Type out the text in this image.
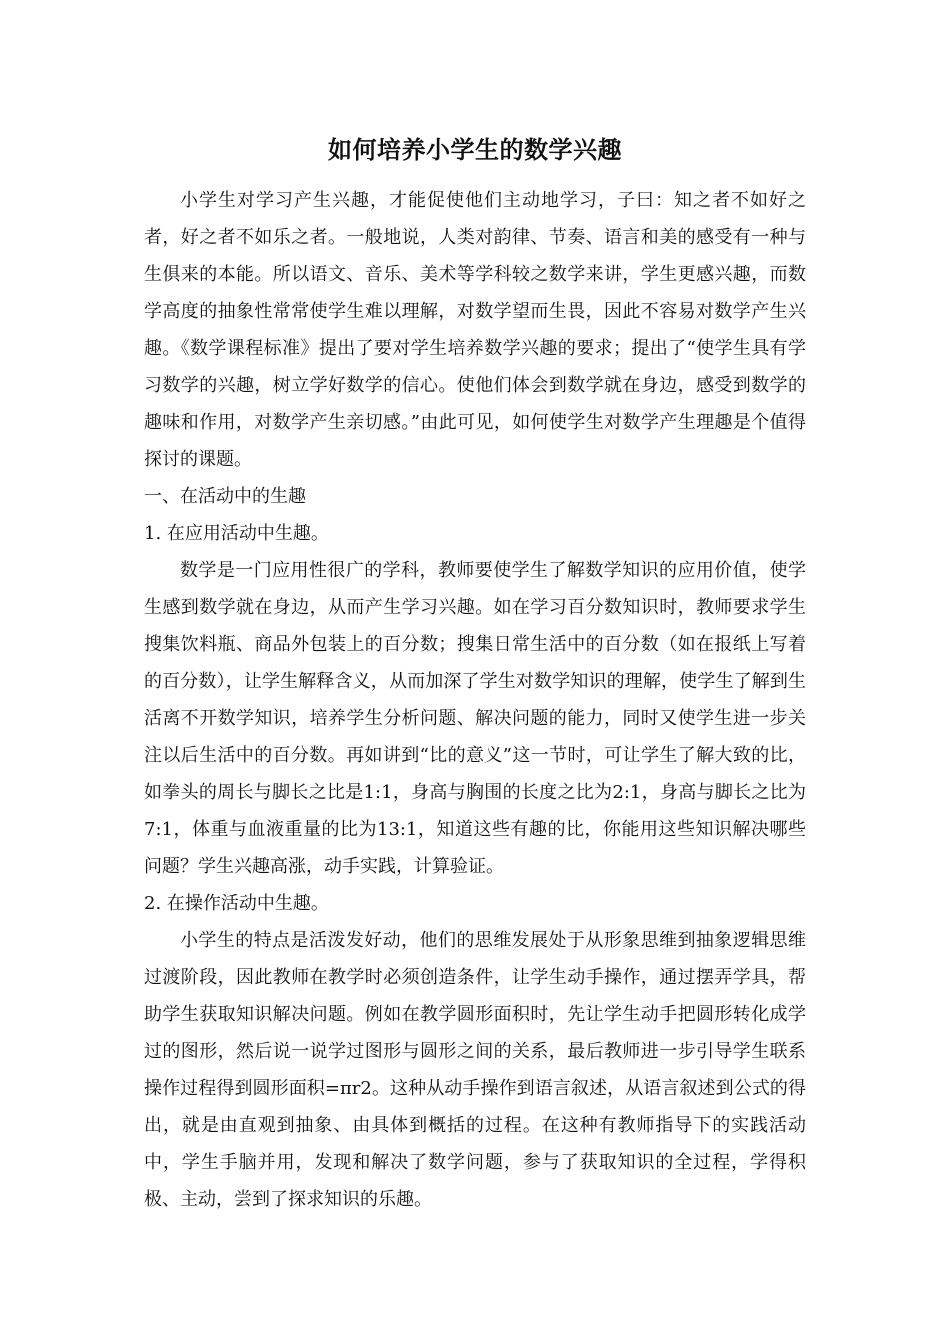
如何培养小学生的数学兴趣

小学生对学习产生兴趣，才能促使他们主动地学习，子曰：知之者不如好之者，好之者不如乐之者。一般地说，人类对韵律、节奏、语言和美的感受有一种与生俱来的本能。所以语文、音乐、美术等学科较之数学来讲，学生更感兴趣，而数学高度的抽象性常常使学生难以理解，对数学望而生畏，因此不容易对数学产生兴趣。《数学课程标准》提出了要对学生培养数学兴趣的要求；提出了“使学生具有学习数学的兴趣，树立学好数学的信心。使他们体会到数学就在身边，感受到数学的趣味和作用，对数学产生亲切感。”由此可见，如何使学生对数学产生理趣是个值得探讨的课题。

一、在活动中的生趣

1. 在应用活动中生趣。

数学是一门应用性很广的学科，教师要使学生了解数学知识的应用价值，使学生感到数学就在身边，从而产生学习兴趣。如在学习百分数知识时，教师要求学生搜集饮料瓶、商品外包装上的百分数；搜集日常生活中的百分数（如在报纸上写着的百分数），让学生解释含义，从而加深了学生对数学知识的理解，使学生了解到生活离不开数学知识，培养学生分析问题、解决问题的能力，同时又使学生进一步关注以后生活中的百分数。再如讲到“比的意义”这一节时，可让学生了解大致的比，如拳头的周长与脚长之比是1:1，身高与胸围的长度之比为2:1，身高与脚长之比为7:1，体重与血液重量的比为13:1，知道这些有趣的比，你能用这些知识解决哪些问题？学生兴趣高涨，动手实践，计算验证。

2. 在操作活动中生趣。

小学生的特点是活泼发好动，他们的思维发展处于从形象思维到抽象逻辑思维过渡阶段，因此教师在教学时必须创造条件，让学生动手操作，通过摆弄学具，帮助学生获取知识解决问题。例如在教学圆形面积时，先让学生动手把圆形转化成学过的图形，然后说一说学过图形与圆形之间的关系，最后教师进一步引导学生联系操作过程得到圆形面积=πr2。这种从动手操作到语言叙述，从语言叙述到公式的得出，就是由直观到抽象、由具体到概括的过程。在这种有教师指导下的实践活动中，学生手脑并用，发现和解决了数学问题，参与了获取知识的全过程，学得积极、主动，尝到了探求知识的乐趣。
